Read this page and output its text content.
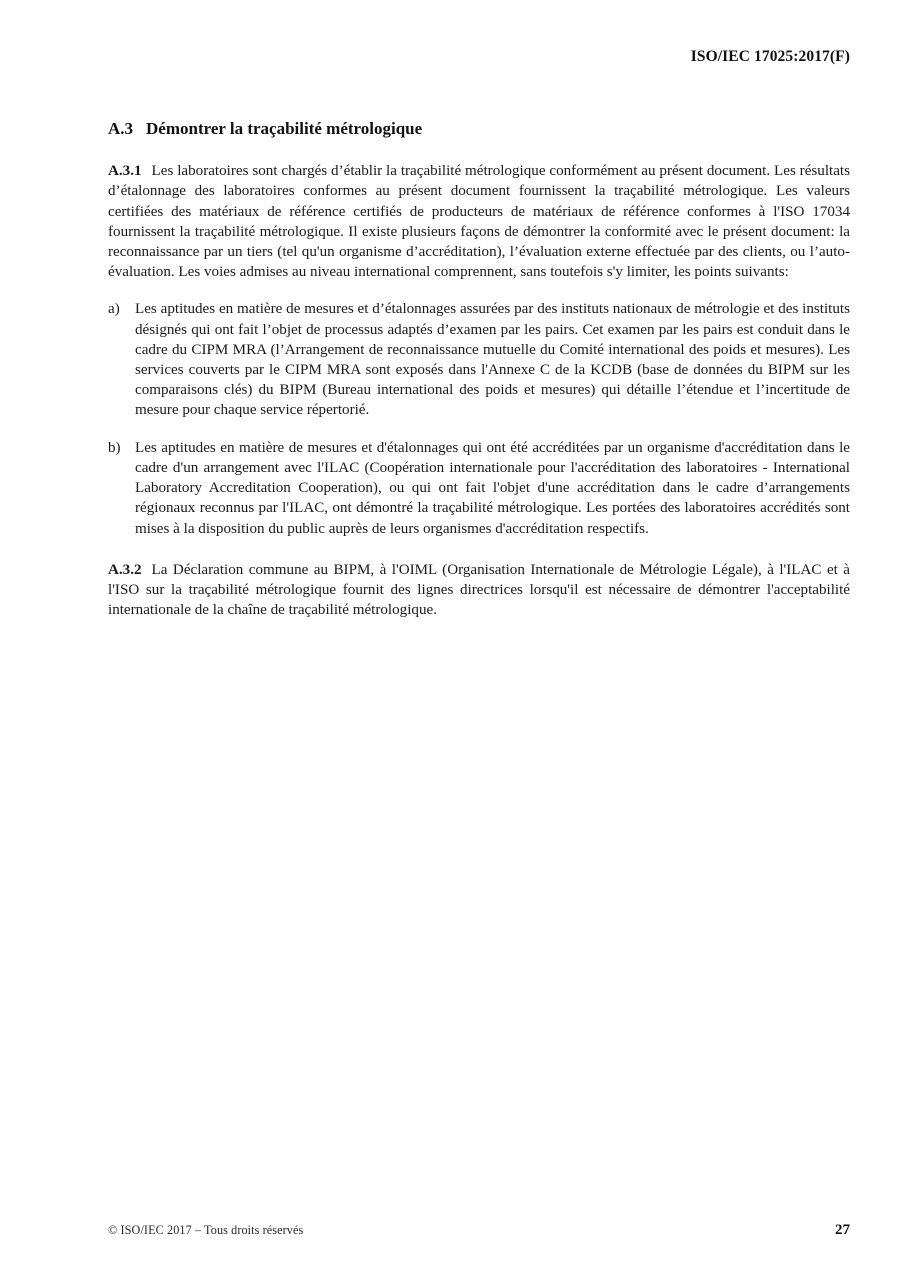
ISO/IEC 17025:2017(F)
A.3 Démontrer la traçabilité métrologique

A.3.1 Les laboratoires sont chargés d’établir la traçabilité métrologique conformément au présent document. Les résultats d’étalonnage des laboratoires conformes au présent document fournissent la traçabilité métrologique. Les valeurs certifiées des matériaux de référence certifiés de producteurs de matériaux de référence conformes à l'ISO 17034 fournissent la traçabilité métrologique. Il existe plusieurs façons de démontrer la conformité avec le présent document: la reconnaissance par un tiers (tel qu'un organisme d’accréditation), l’évaluation externe effectuée par des clients, ou l’auto-évaluation. Les voies admises au niveau international comprennent, sans toutefois s'y limiter, les points suivants:

a)	Les aptitudes en matière de mesures et d’étalonnages assurées par des instituts nationaux de métrologie et des instituts désignés qui ont fait l’objet de processus adaptés d’examen par les pairs. Cet examen par les pairs est conduit dans le cadre du CIPM MRA (l’Arrangement de reconnaissance mutuelle du Comité international des poids et mesures). Les services couverts par le CIPM MRA sont exposés dans l'Annexe C de la KCDB (base de données du BIPM sur les comparaisons clés) du BIPM (Bureau international des poids et mesures) qui détaille l’étendue et l’incertitude de mesure pour chaque service répertorié.
b) Les aptitudes en matière de mesures et d'étalonnages qui ont été accréditées par un organisme d'accréditation dans le cadre d'un arrangement avec l'ILAC (Coopération internationale pour l'accréditation des laboratoires - International Laboratory Accreditation Cooperation), ou qui ont fait l'objet d'une accréditation dans le cadre d’arrangements régionaux reconnus par l'ILAC, ont démontré la traçabilité métrologique. Les portées des laboratoires accrédités sont mises à la disposition du public auprès de leurs organismes d'accréditation respectifs.

A.3.2 La Déclaration commune au BIPM, à l'OIML (Organisation Internationale de Métrologie Légale), à l'ILAC et à l'ISO sur la traçabilité métrologique fournit des lignes directrices lorsqu'il est nécessaire de démontrer l'acceptabilité internationale de la chaîne de traçabilité métrologique.

© ISO/IEC 2017 – Tous droits réservés	27
